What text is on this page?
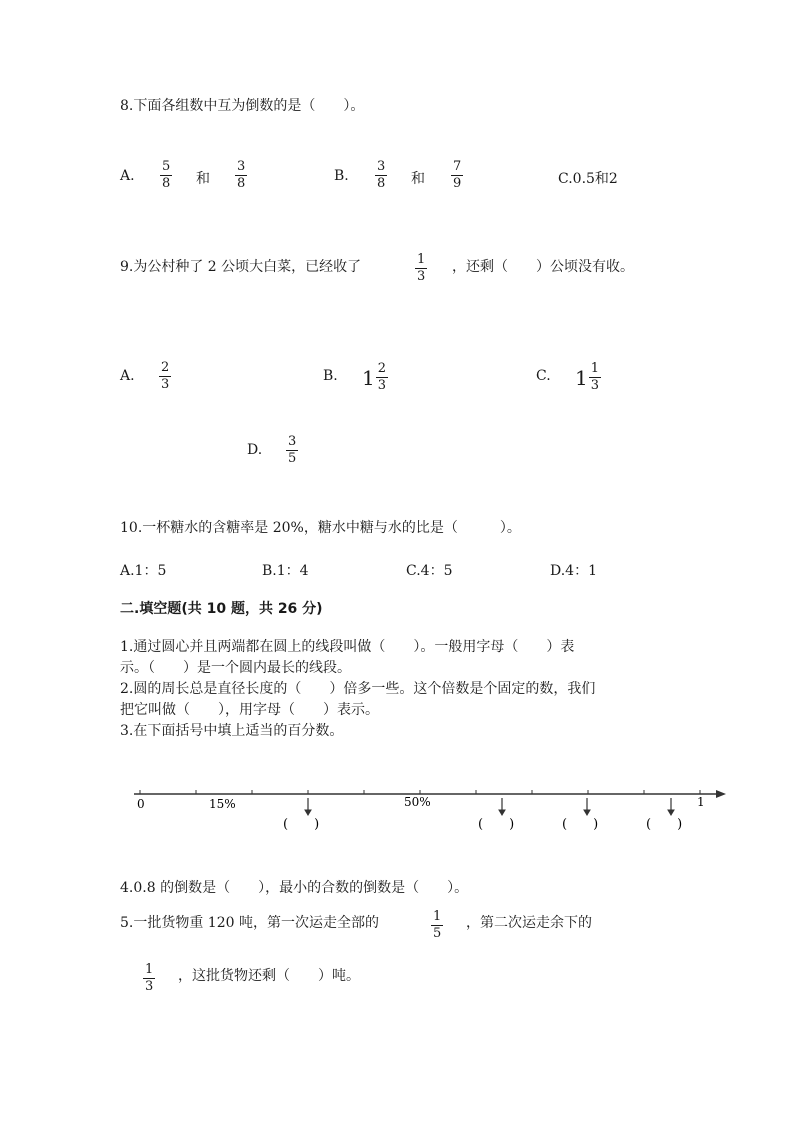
8.下面各组数中互为倒数的是（　　）。
A.
5
8 和
3
8	B.
3
8 和
7
9	C.0.5和2
9.为公村种了 2 公顷大白菜，已经收了	1
3
，还剩（　　）公顷没有收。
A.
2
3
B. $1 \frac{2}{3}$	C. $1 \frac{1}{3}$
D.
3
5
10.一杯糖水的含糖率是 20%，糖水中糖与水的比是（　　　）。
A.1：5	B.1：4	C.4：5	D.4：1
二.填空题(共 10 题，共 26 分)
1.通过圆心并且两端都在圆上的线段叫做（　　）。一般用字母（　　）表
示。（　　）是一个圆内最长的线段。
2.圆的周长总是直径长度的（　　）倍多一些。这个倍数是个固定的数，我们
把它叫做（　　），用字母（　　）表示。
3.在下面括号中填上适当的百分数。
0	15%	50%	1
(　　)	(　　)	(　　)	(　　)
4.0.8 的倒数是（　　），最小的合数的倒数是（　　）。
5.一批货物重 120 吨，第一次运走全部的	1
5
，第二次运走余下的
1
3
，这批货物还剩（　　）吨。
